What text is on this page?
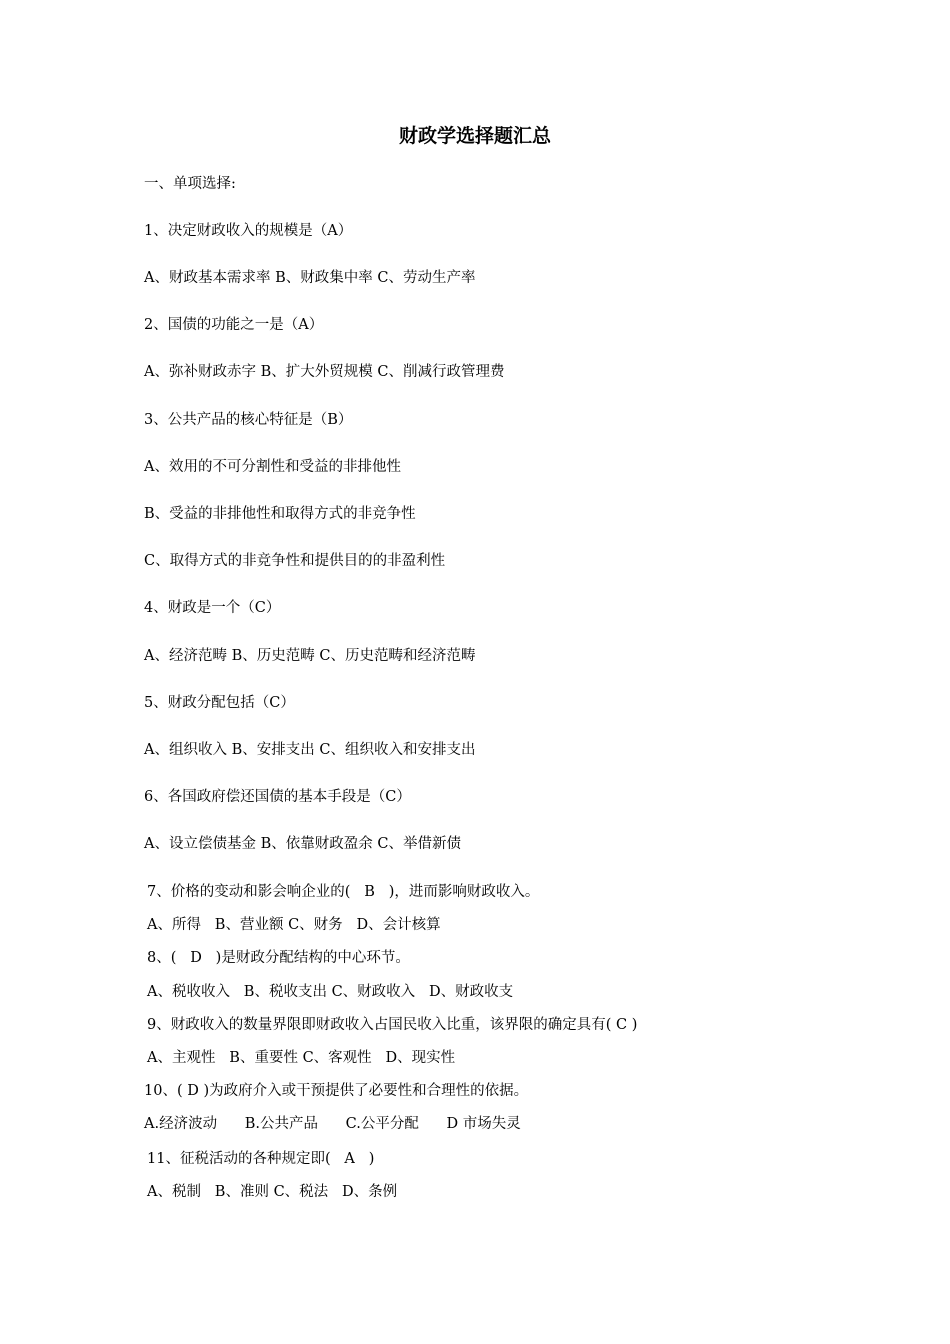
财政学选择题汇总

一、单项选择:

1、决定财政收入的规模是（A）

A、财政基本需求率 B、财政集中率 C、劳动生产率

2、国债的功能之一是（A）

A、弥补财政赤字 B、扩大外贸规模 C、削减行政管理费

3、公共产品的核心特征是（B）

A、效用的不可分割性和受益的非排他性

B、受益的非排他性和取得方式的非竞争性

C、取得方式的非竞争性和提供目的的非盈利性

4、财政是一个（C）

A、经济范畴 B、历史范畴 C、历史范畴和经济范畴

5、财政分配包括（C）

A、组织收入 B、安排支出 C、组织收入和安排支出

6、各国政府偿还国债的基本手段是（C）

A、设立偿债基金 B、依靠财政盈余 C、举借新债

7、价格的变动和影会响企业的(   B   )，进而影响财政收入。

A、所得   B、营业额 C、财务   D、会计核算

8、(   D   )是财政分配结构的中心环节。

A、税收收入   B、税收支出 C、财政收入   D、财政收支

9、财政收入的数量界限即财政收入占国民收入比重，该界限的确定具有( C )

A、主观性   B、重要性 C、客观性   D、现实性

10、( D )为政府介入或干预提供了必要性和合理性的依据。

A.经济波动      B.公共产品      C.公平分配      D 市场失灵

11、征税活动的各种规定即(   A   )

A、税制   B、准则 C、税法   D、条例
